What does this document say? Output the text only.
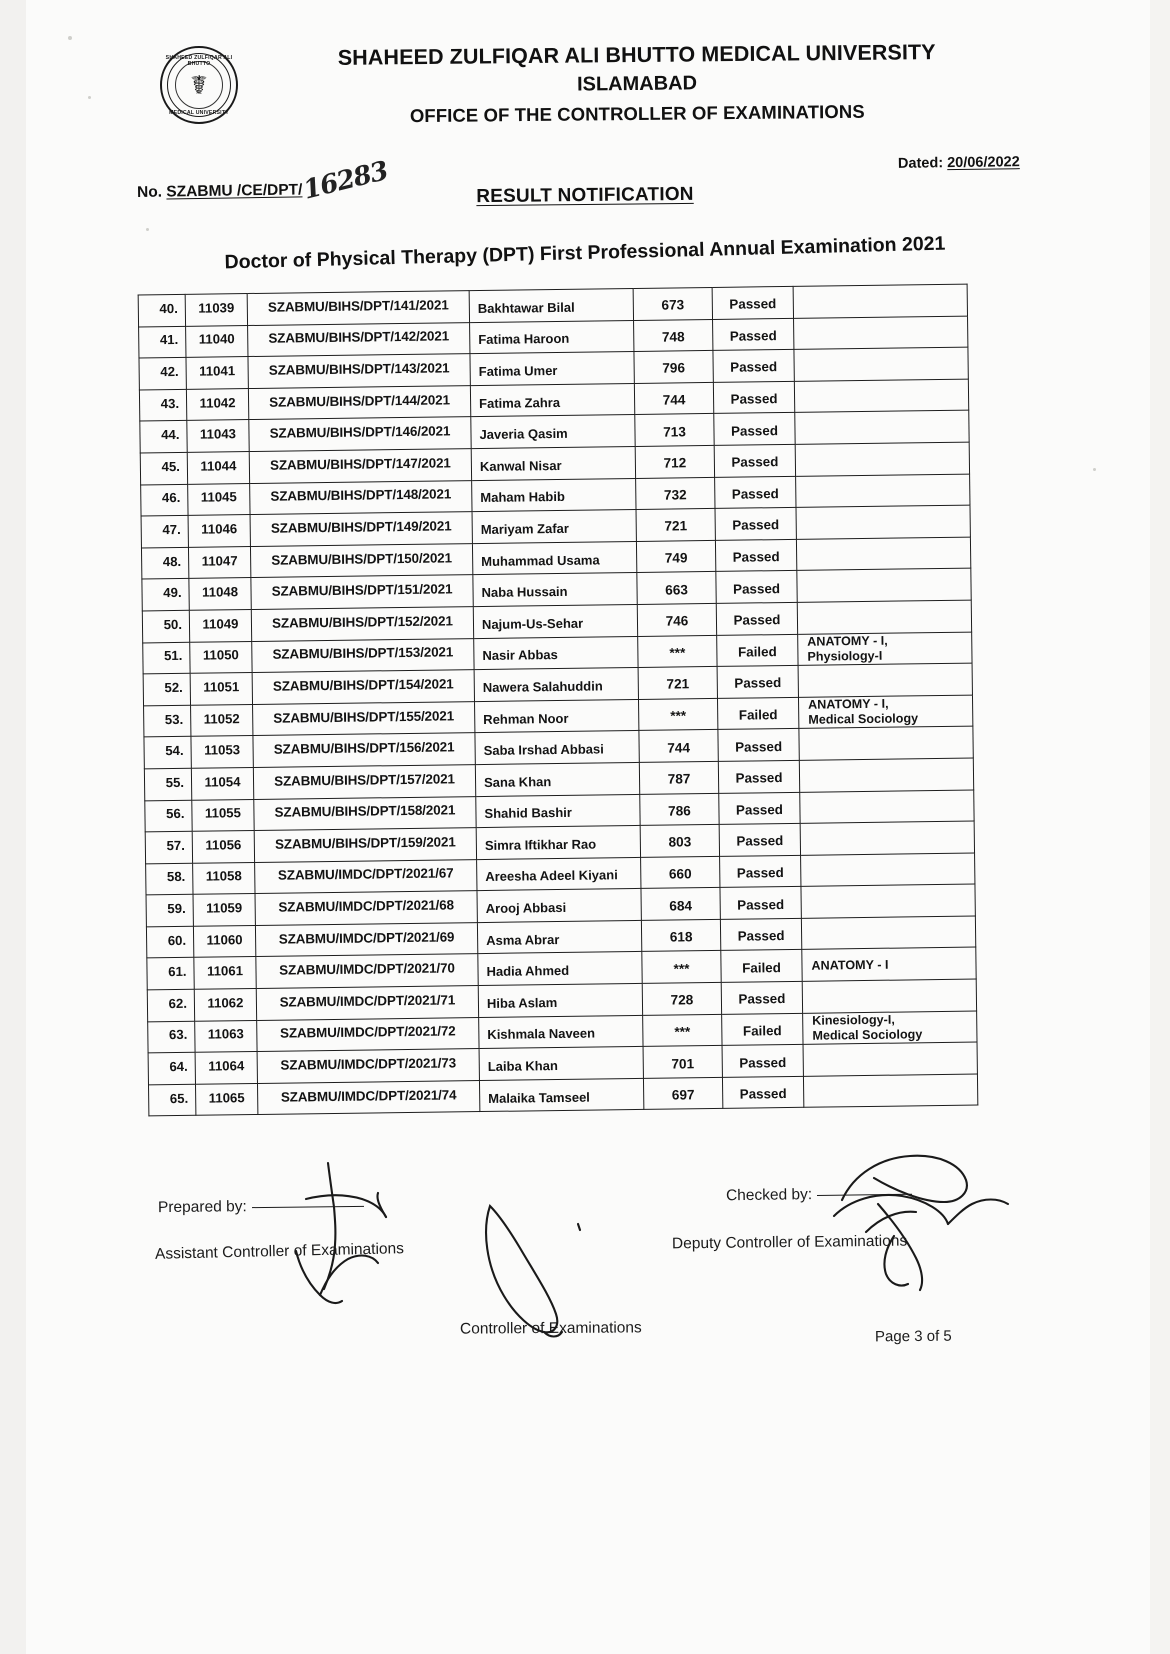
SHAHEED ZULFIQAR ALI BHUTTO
☤
MEDICAL UNIVERSITY
SHAHEED ZULFIQAR ALI BHUTTO MEDICAL UNIVERSITY
ISLAMABAD
OFFICE OF THE CONTROLLER OF EXAMINATIONS
No. SZABMU /CE/DPT/16283	Dated: 20/06/2022
RESULT NOTIFICATION
Doctor of Physical Therapy (DPT) First Professional Annual Examination 2021
40.	11039	SZABMU/BIHS/DPT/141/2021	Bakhtawar Bilal	673	Passed	
41.	11040	SZABMU/BIHS/DPT/142/2021	Fatima Haroon	748	Passed	
42.	11041	SZABMU/BIHS/DPT/143/2021	Fatima Umer	796	Passed	
43.	11042	SZABMU/BIHS/DPT/144/2021	Fatima Zahra	744	Passed	
44.	11043	SZABMU/BIHS/DPT/146/2021	Javeria Qasim	713	Passed	
45.	11044	SZABMU/BIHS/DPT/147/2021	Kanwal Nisar	712	Passed	
46.	11045	SZABMU/BIHS/DPT/148/2021	Maham Habib	732	Passed	
47.	11046	SZABMU/BIHS/DPT/149/2021	Mariyam Zafar	721	Passed	
48.	11047	SZABMU/BIHS/DPT/150/2021	Muhammad Usama	749	Passed	
49.	11048	SZABMU/BIHS/DPT/151/2021	Naba Hussain	663	Passed	
50.	11049	SZABMU/BIHS/DPT/152/2021	Najum-Us-Sehar	746	Passed	
51.	11050	SZABMU/BIHS/DPT/153/2021	Nasir Abbas	***	Failed	ANATOMY - I,
Physiology-I
52.	11051	SZABMU/BIHS/DPT/154/2021	Nawera Salahuddin	721	Passed	
53.	11052	SZABMU/BIHS/DPT/155/2021	Rehman Noor	***	Failed	ANATOMY - I,
Medical Sociology
54.	11053	SZABMU/BIHS/DPT/156/2021	Saba Irshad Abbasi	744	Passed	
55.	11054	SZABMU/BIHS/DPT/157/2021	Sana Khan	787	Passed	
56.	11055	SZABMU/BIHS/DPT/158/2021	Shahid Bashir	786	Passed	
57.	11056	SZABMU/BIHS/DPT/159/2021	Simra Iftikhar Rao	803	Passed	
58.	11058	SZABMU/IMDC/DPT/2021/67	Areesha Adeel Kiyani	660	Passed	
59.	11059	SZABMU/IMDC/DPT/2021/68	Arooj Abbasi	684	Passed	
60.	11060	SZABMU/IMDC/DPT/2021/69	Asma Abrar	618	Passed	
61.	11061	SZABMU/IMDC/DPT/2021/70	Hadia Ahmed	***	Failed	ANATOMY - I
62.	11062	SZABMU/IMDC/DPT/2021/71	Hiba Aslam	728	Passed	
63.	11063	SZABMU/IMDC/DPT/2021/72	Kishmala Naveen	***	Failed	Kinesiology-I,
Medical Sociology
64.	11064	SZABMU/IMDC/DPT/2021/73	Laiba Khan	701	Passed	
65.	11065	SZABMU/IMDC/DPT/2021/74	Malaika Tamseel	697	Passed	
Prepared by:
Assistant Controller of Examinations
Checked by:
Deputy Controller of Examinations
Controller of Examinations	Page 3 of 5
